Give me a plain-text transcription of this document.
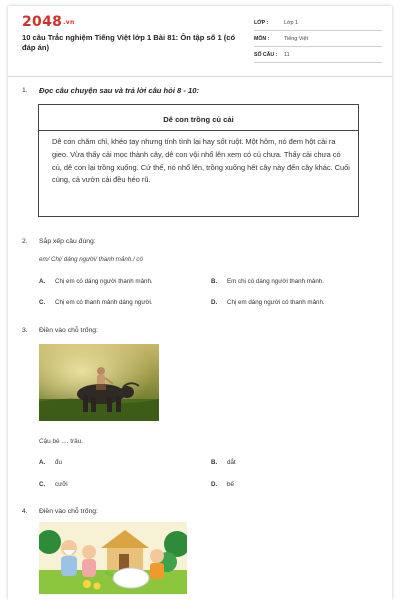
2048.vn
10 câu Trắc nghiệm Tiếng Việt lớp 1 Bài 81: Ôn tập số 1 (có đáp án)
LỚP :	Lớp 1
MÔN :	Tiếng Việt
SỐ CÂU :	11
1. Đọc câu chuyện sau và trả lời câu hỏi 8 - 10:
Dê con trồng củ cải
Dê con chăm chỉ, khéo tay nhưng tính tình lại hay sốt ruột. Một hôm, nó đem hột cải ra gieo. Vừa thấy cải mọc thành cây, dê con vội nhổ lên xem có củ chưa. Thấy cải chưa có củ, dê con lại trồng xuống. Cứ thế, nó nhổ lên, trồng xuống hết cây này đến cây khác. Cuối cùng, cả vườn cải đều héo rũ.
2. Sắp xếp câu đúng:
em/ Chị/ dáng người/ thanh mảnh./ có
A. Chị em có dáng người thanh mảnh.	B. Em chị có dáng người thanh mảnh.
C. Chị em có thanh mảnh dáng người.	D. Chị em dáng người có thanh mảnh.
3. Điền vào chỗ trống:
Cậu bé .... trâu.
A. đu	B. dắt
C. cưỡi	D. bế
4. Điền vào chỗ trống:
